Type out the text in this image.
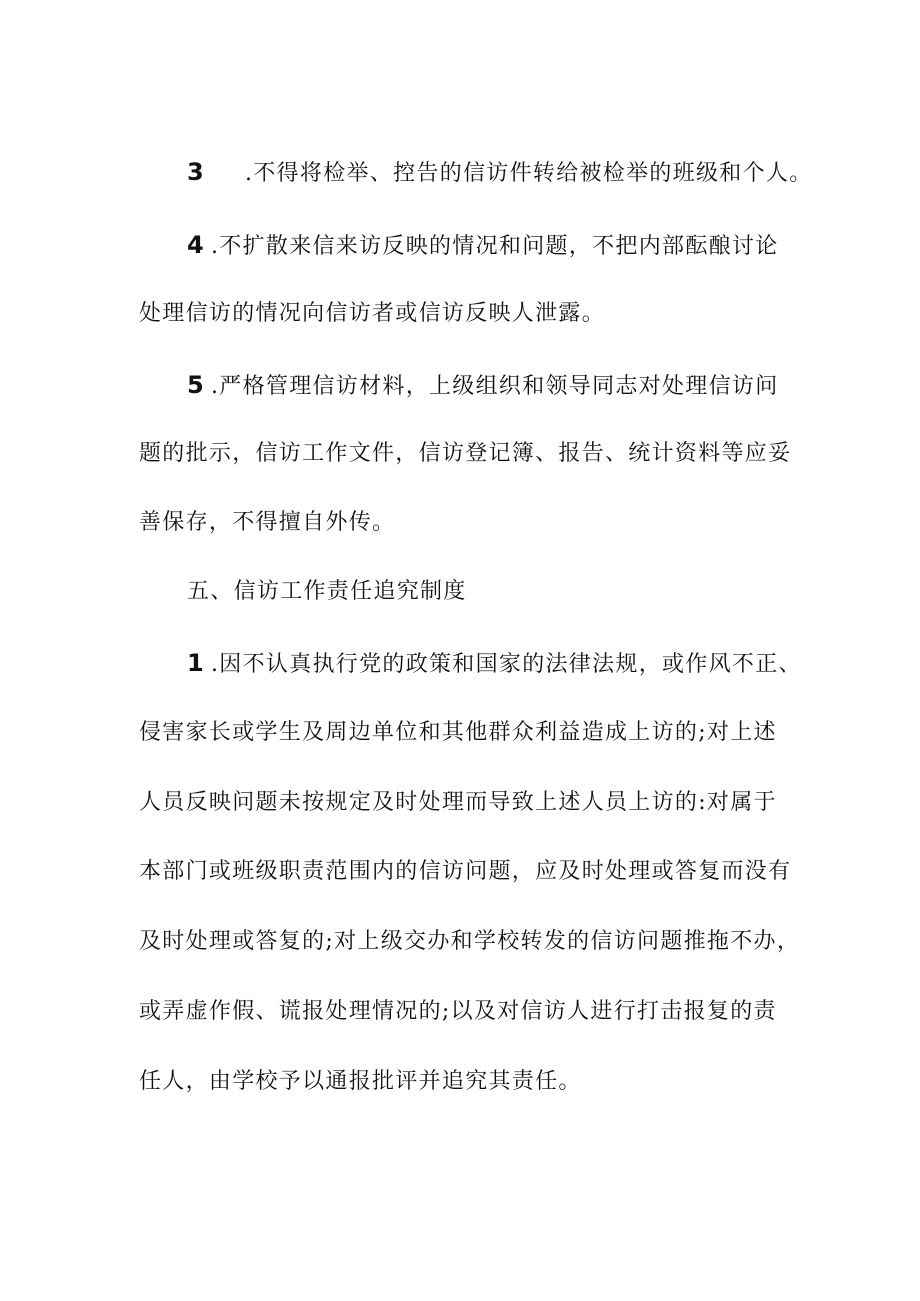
3 .不得将检举、控告的信访件转给被检举的班级和个人。
4 .不扩散来信来访反映的情况和问题，不把内部酝酿讨论
处理信访的情况向信访者或信访反映人泄露。
5 .严格管理信访材料，上级组织和领导同志对处理信访问
题的批示，信访工作文件，信访登记簿、报告、统计资料等应妥
善保存，不得擅自外传。
五、信访工作责任追究制度
1 .因不认真执行党的政策和国家的法律法规，或作风不正、
侵害家长或学生及周边单位和其他群众利益造成上访的;对上述
人员反映问题未按规定及时处理而导致上述人员上访的:对属于
本部门或班级职责范围内的信访问题，应及时处理或答复而没有
及时处理或答复的;对上级交办和学校转发的信访问题推拖不办，
或弄虚作假、谎报处理情况的;以及对信访人进行打击报复的责
任人，由学校予以通报批评并追究其责任。
